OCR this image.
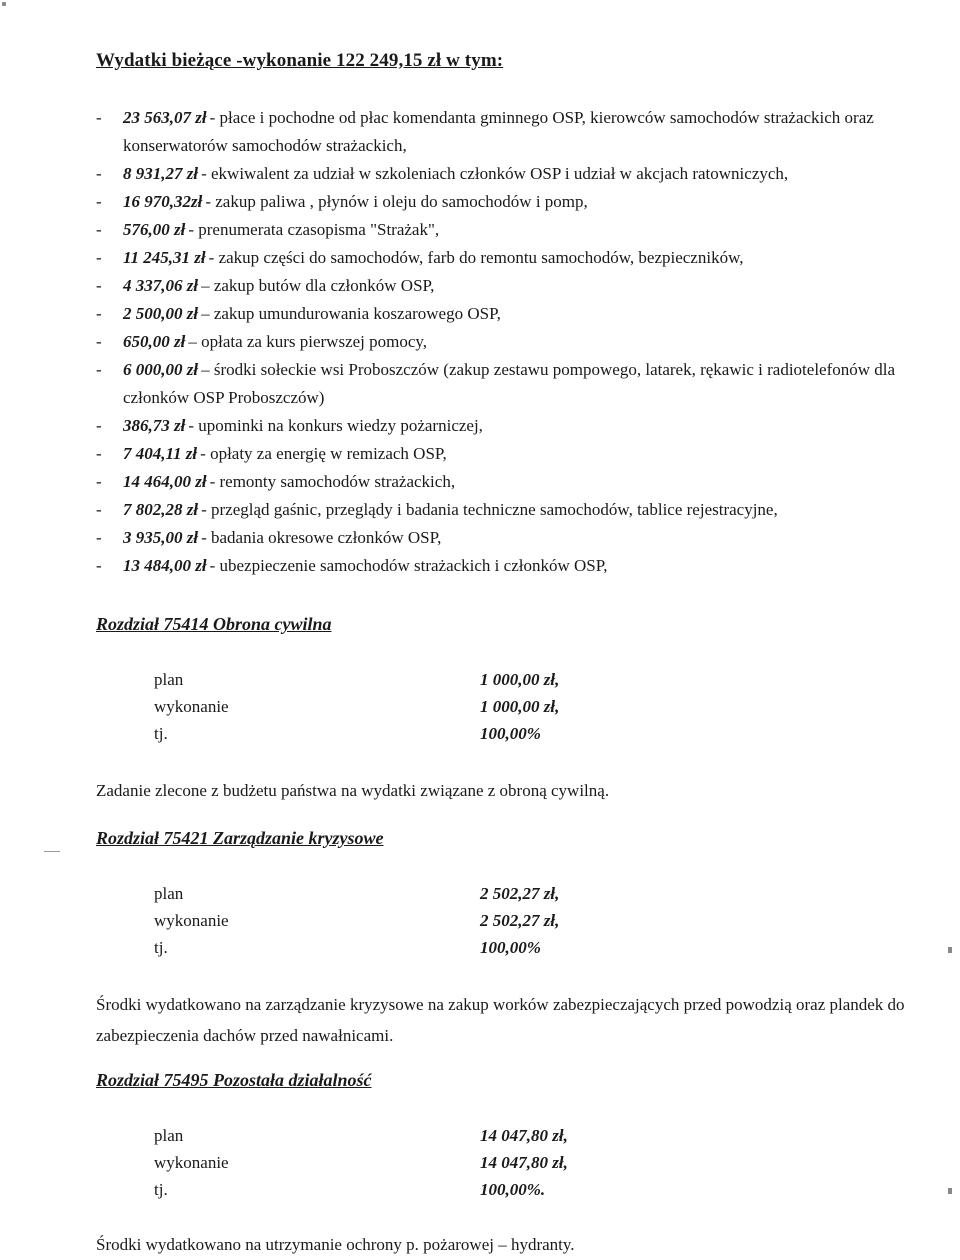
Wydatki bieżące -wykonanie 122 249,15 zł w tym:
- 23 563,07 zł - płace i pochodne od płac komendanta gminnego OSP, kierowców samochodów strażackich oraz konserwatorów samochodów strażackich,
- 8 931,27 zł - ekwiwalent za udział w szkoleniach członków OSP i udział w akcjach ratowniczych,
- 16 970,32zł - zakup paliwa , płynów i oleju do samochodów i pomp,
- 576,00 zł - prenumerata czasopisma "Strażak",
- 11 245,31 zł - zakup części do samochodów, farb do remontu samochodów, bezpieczników,
- 4 337,06 zł – zakup butów dla członków OSP,
- 2 500,00 zł – zakup umundurowania koszarowego OSP,
- 650,00 zł – opłata za kurs pierwszej pomocy,
- 6 000,00 zł – środki sołeckie wsi Proboszczów (zakup zestawu pompowego, latarek, rękawic i radiotelefonów dla członków OSP Proboszczów)
- 386,73 zł - upominki na konkurs wiedzy pożarniczej,
- 7 404,11 zł - opłaty za energię w remizach OSP,
- 14 464,00 zł - remonty samochodów strażackich,
- 7 802,28 zł - przegląd gaśnic, przeglądy i badania techniczne samochodów, tablice rejestracyjne,
- 3 935,00 zł - badania okresowe członków OSP,
- 13 484,00 zł - ubezpieczenie samochodów strażackich i członków OSP,
Rozdział 75414 Obrona cywilna
plan	1 000,00 zł,
wykonanie	1 000,00 zł,
tj.	100,00%
Zadanie zlecone z budżetu państwa na wydatki związane z obroną cywilną.
Rozdział 75421 Zarządzanie kryzysowe
plan	2 502,27 zł,
wykonanie	2 502,27 zł,
tj.	100,00%
Środki wydatkowano na zarządzanie kryzysowe na zakup worków zabezpieczających przed powodzią oraz plandek do zabezpieczenia dachów przed nawałnicami.
Rozdział 75495 Pozostała działalność
plan	14 047,80 zł,
wykonanie	14 047,80 zł,
tj.	100,00%.
Środki wydatkowano na utrzymanie ochrony p. pożarowej – hydranty.
